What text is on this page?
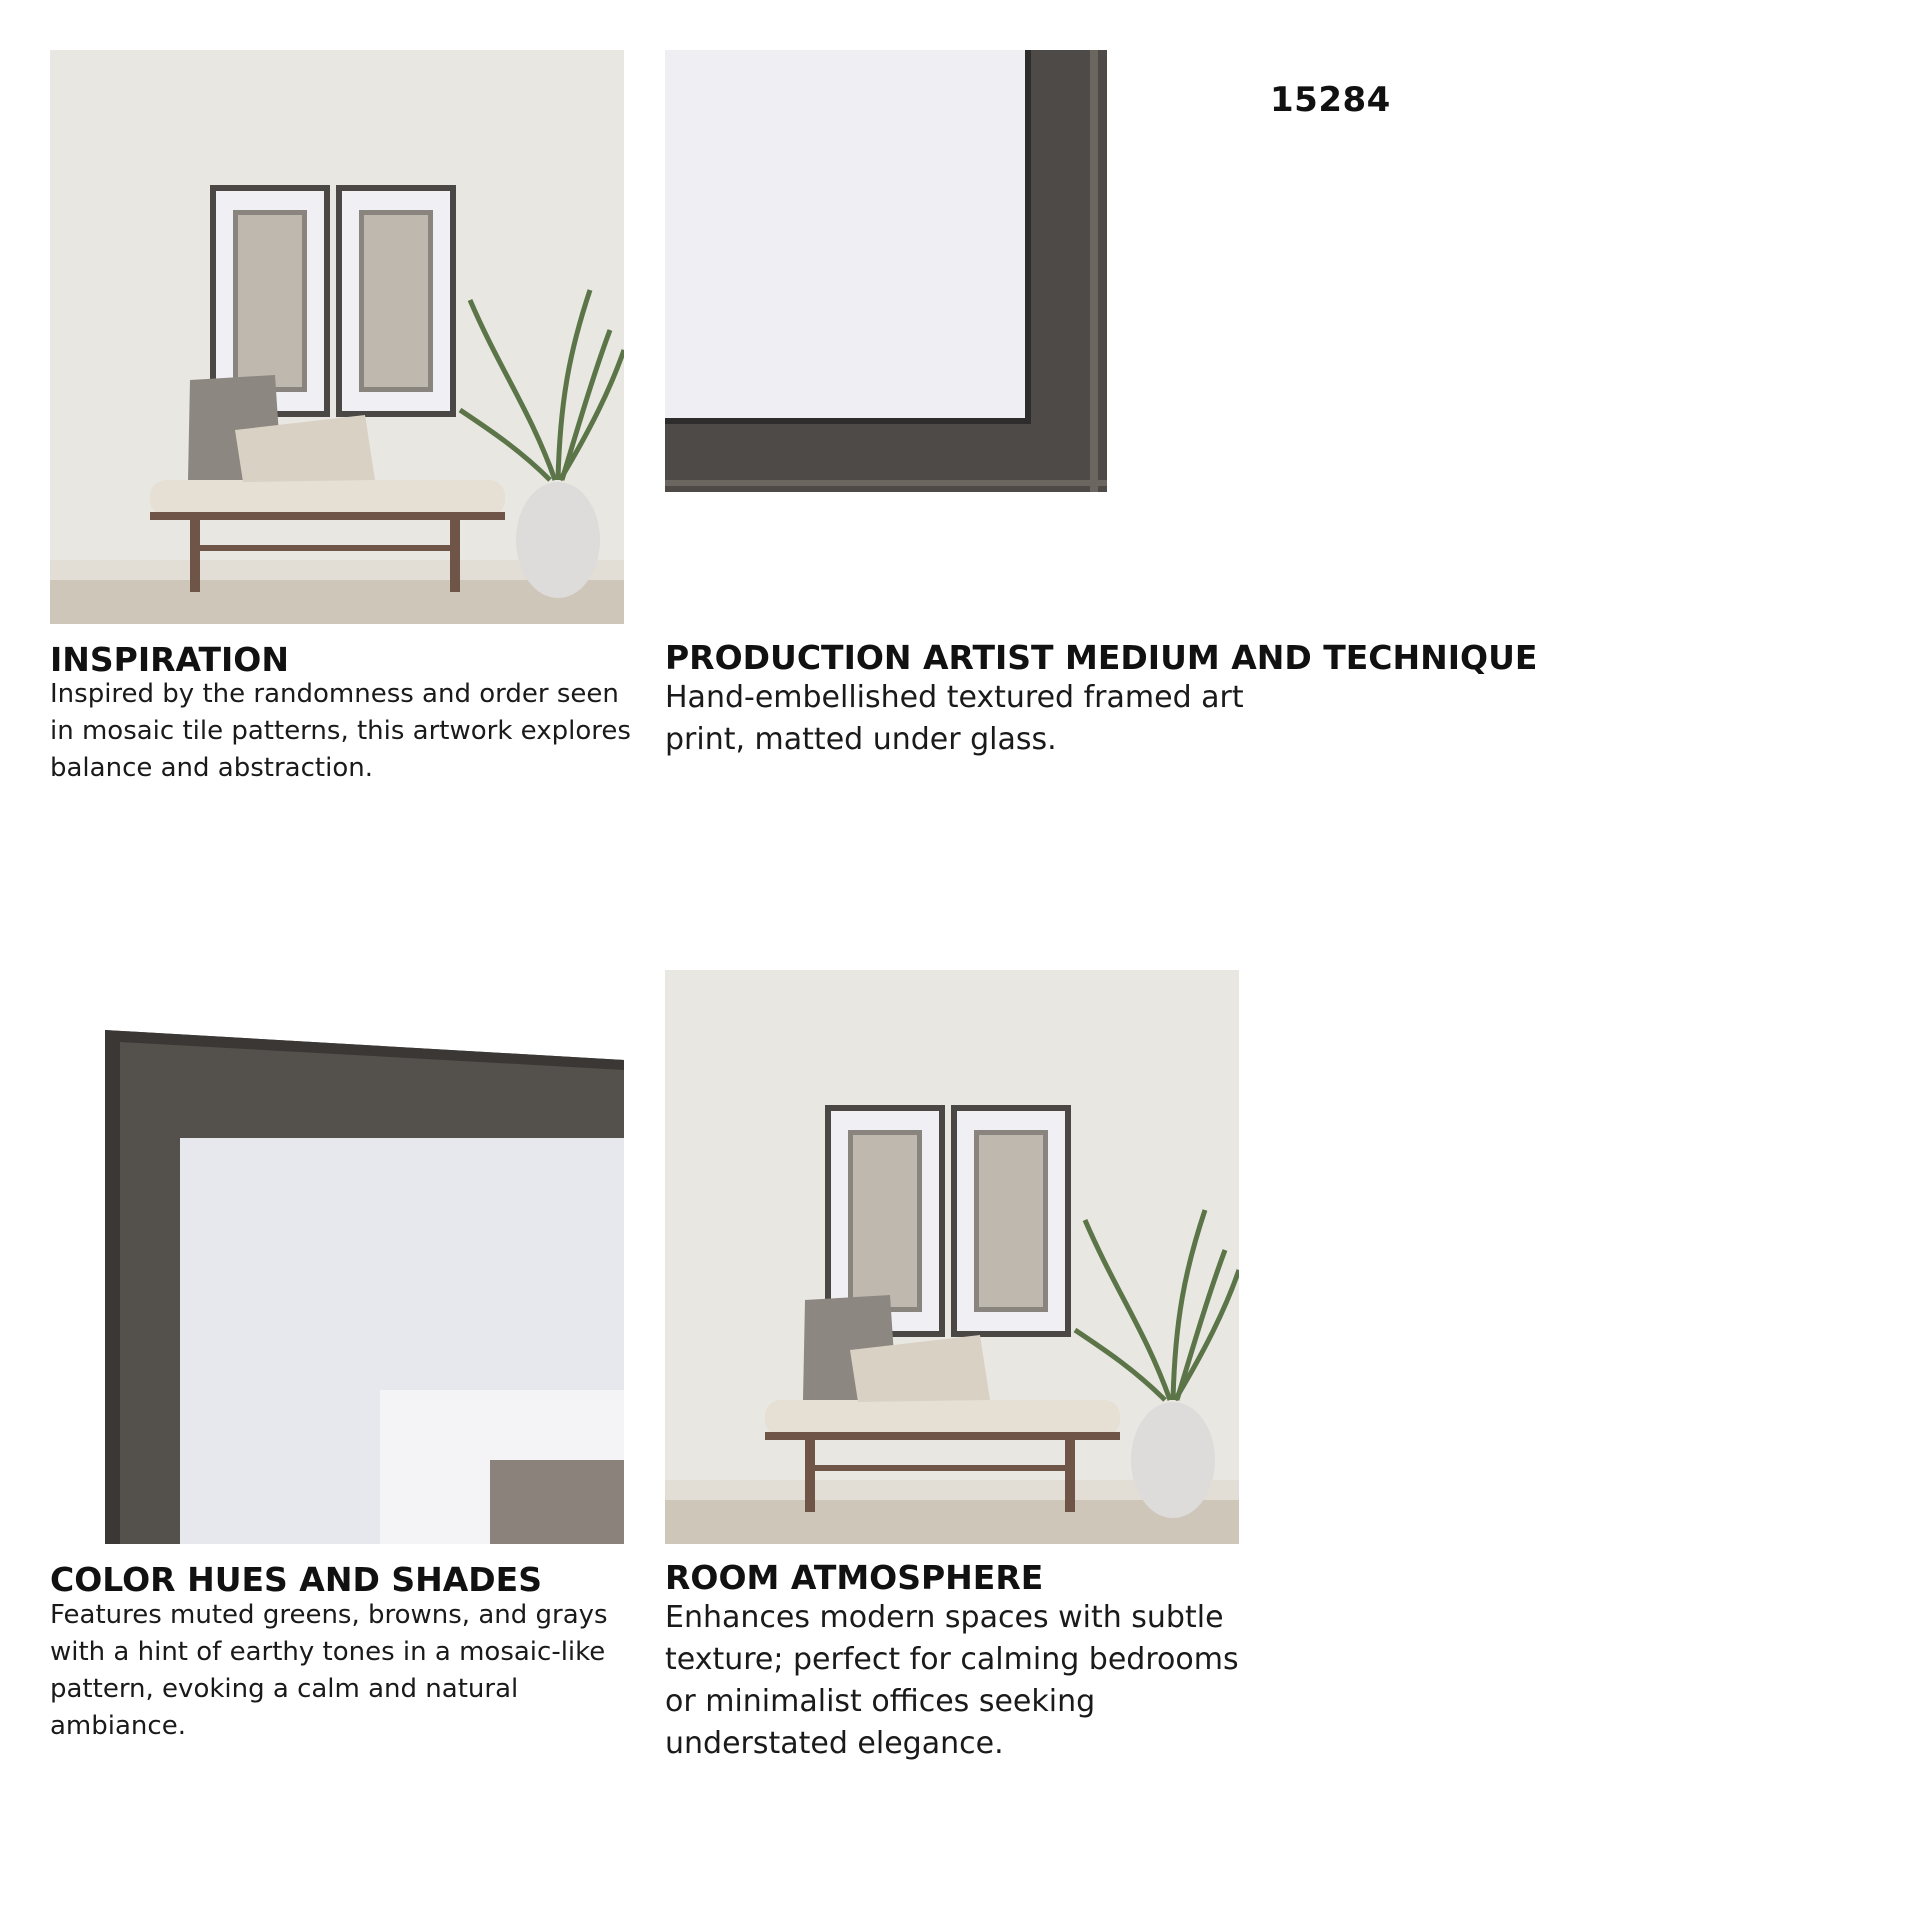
15284
INSPIRATION
Inspired by the randomness and order seen in mosaic tile patterns, this artwork explores balance and abstraction.
PRODUCTION ARTIST MEDIUM AND TECHNIQUE
Hand-embellished textured framed art print, matted under glass.
COLOR HUES AND SHADES
Features muted greens, browns, and grays with a hint of earthy tones in a mosaic-like pattern, evoking a calm and natural ambiance.
ROOM ATMOSPHERE
Enhances modern spaces with subtle texture; perfect for calming bedrooms or minimalist offices seeking understated elegance.
